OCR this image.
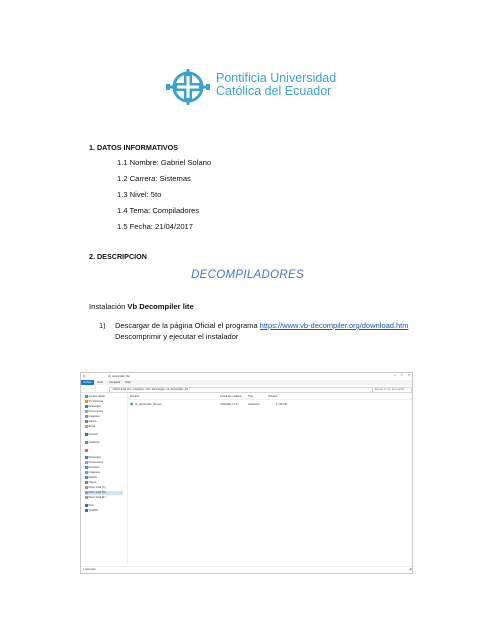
Pontificia Universidad
Católica del Ecuador
1. DATOS INFORMATIVOS
1.1 Nombre: Gabriel Solano
1.2 Carrera: Sistemas
1.3 Nivel: 5to
1.4 Tema: Compiladores
1.5 Fecha: 21/04/2017
2. DESCRIPCION
DECOMPILADORES
Instalación Vb Decompiler lite
1) Descargar de la página Oficial el programa https://www.vb-decompiler.org/download.htm Descomprimir y ejecutar el instalador
▮	vb_decompiler_lite	– □ ×
Archivo	Inicio	Compartir	Vista
← → ↑	› Disco local (C:) › Usuarios › Vls › Descargas › vb_decompiler_lite	Buscar en vb_decompiler...
Acceso rápido
Vb Sistemas
Descargas
Documentos
Imágenes
Videos
Bingo
Dropbox
OneDrive
Descargas
Documentos
Escritorio
Imágenes
Música
Videos
Disco local (C:)
Disco local (D:)
Disco local (E:)
Red
VALDRI
Nombre	Fecha de modifica... Tipo	Tamaño
▣ vb_decompiler_lite.exe	27/04/2017 0:17	Aplicación	1.725 KB
1 elemento	▦
